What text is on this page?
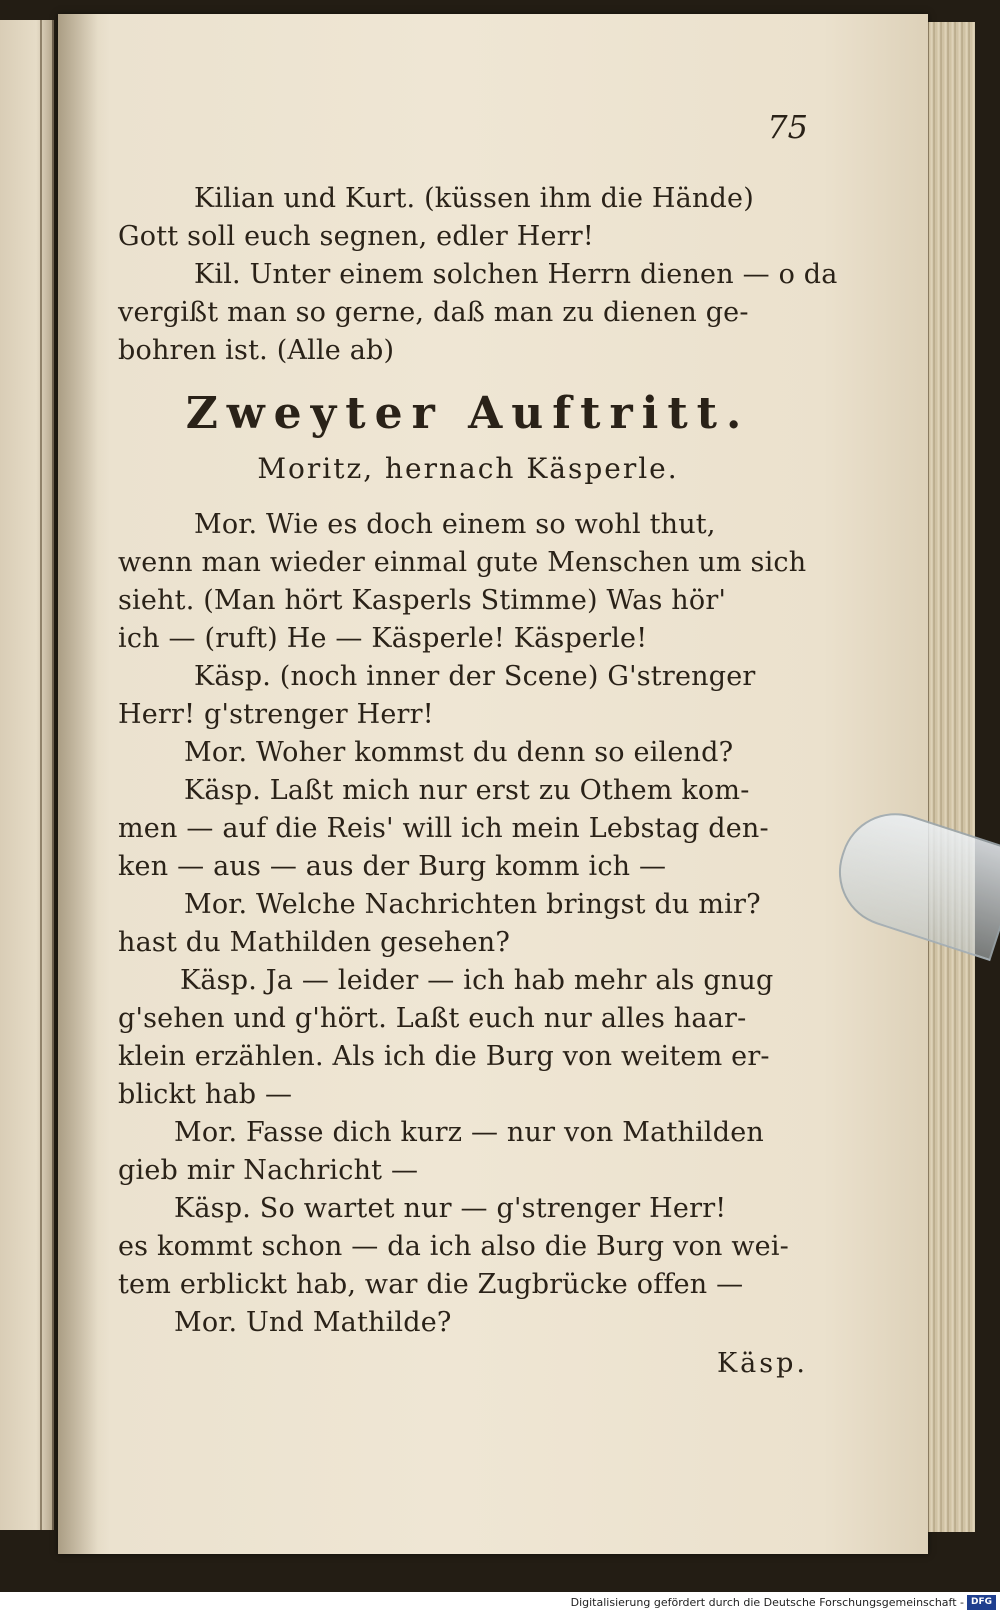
75
Kilian und Kurt. (küssen ihm die Hände)
Gott soll euch segnen, edler Herr!
Kil. Unter einem solchen Herrn dienen — o da
vergißt man so gerne, daß man zu dienen ge-
bohren ist. (Alle ab)
Zweyter Auftritt.
Moritz, hernach Käsperle.
Mor. Wie es doch einem so wohl thut,
wenn man wieder einmal gute Menschen um sich
sieht. (Man hört Kasperls Stimme) Was hör'
ich — (ruft) He — Käsperle! Käsperle!
Käsp. (noch inner der Scene) G'strenger
Herr! g'strenger Herr!
Mor. Woher kommst du denn so eilend?
Käsp. Laßt mich nur erst zu Othem kom-
men — auf die Reis' will ich mein Lebstag den-
ken — aus — aus der Burg komm ich —
Mor. Welche Nachrichten bringst du mir?
hast du Mathilden gesehen?
Käsp. Ja — leider — ich hab mehr als gnug
g'sehen und g'hört. Laßt euch nur alles haar-
klein erzählen. Als ich die Burg von weitem er-
blickt hab —
Mor. Fasse dich kurz — nur von Mathilden
gieb mir Nachricht —
Käsp. So wartet nur — g'strenger Herr!
es kommt schon — da ich also die Burg von wei-
tem erblickt hab, war die Zugbrücke offen —
Mor. Und Mathilde?
Käsp.
Digitalisierung gefördert durch die Deutsche Forschungsgemeinschaft - DFG
